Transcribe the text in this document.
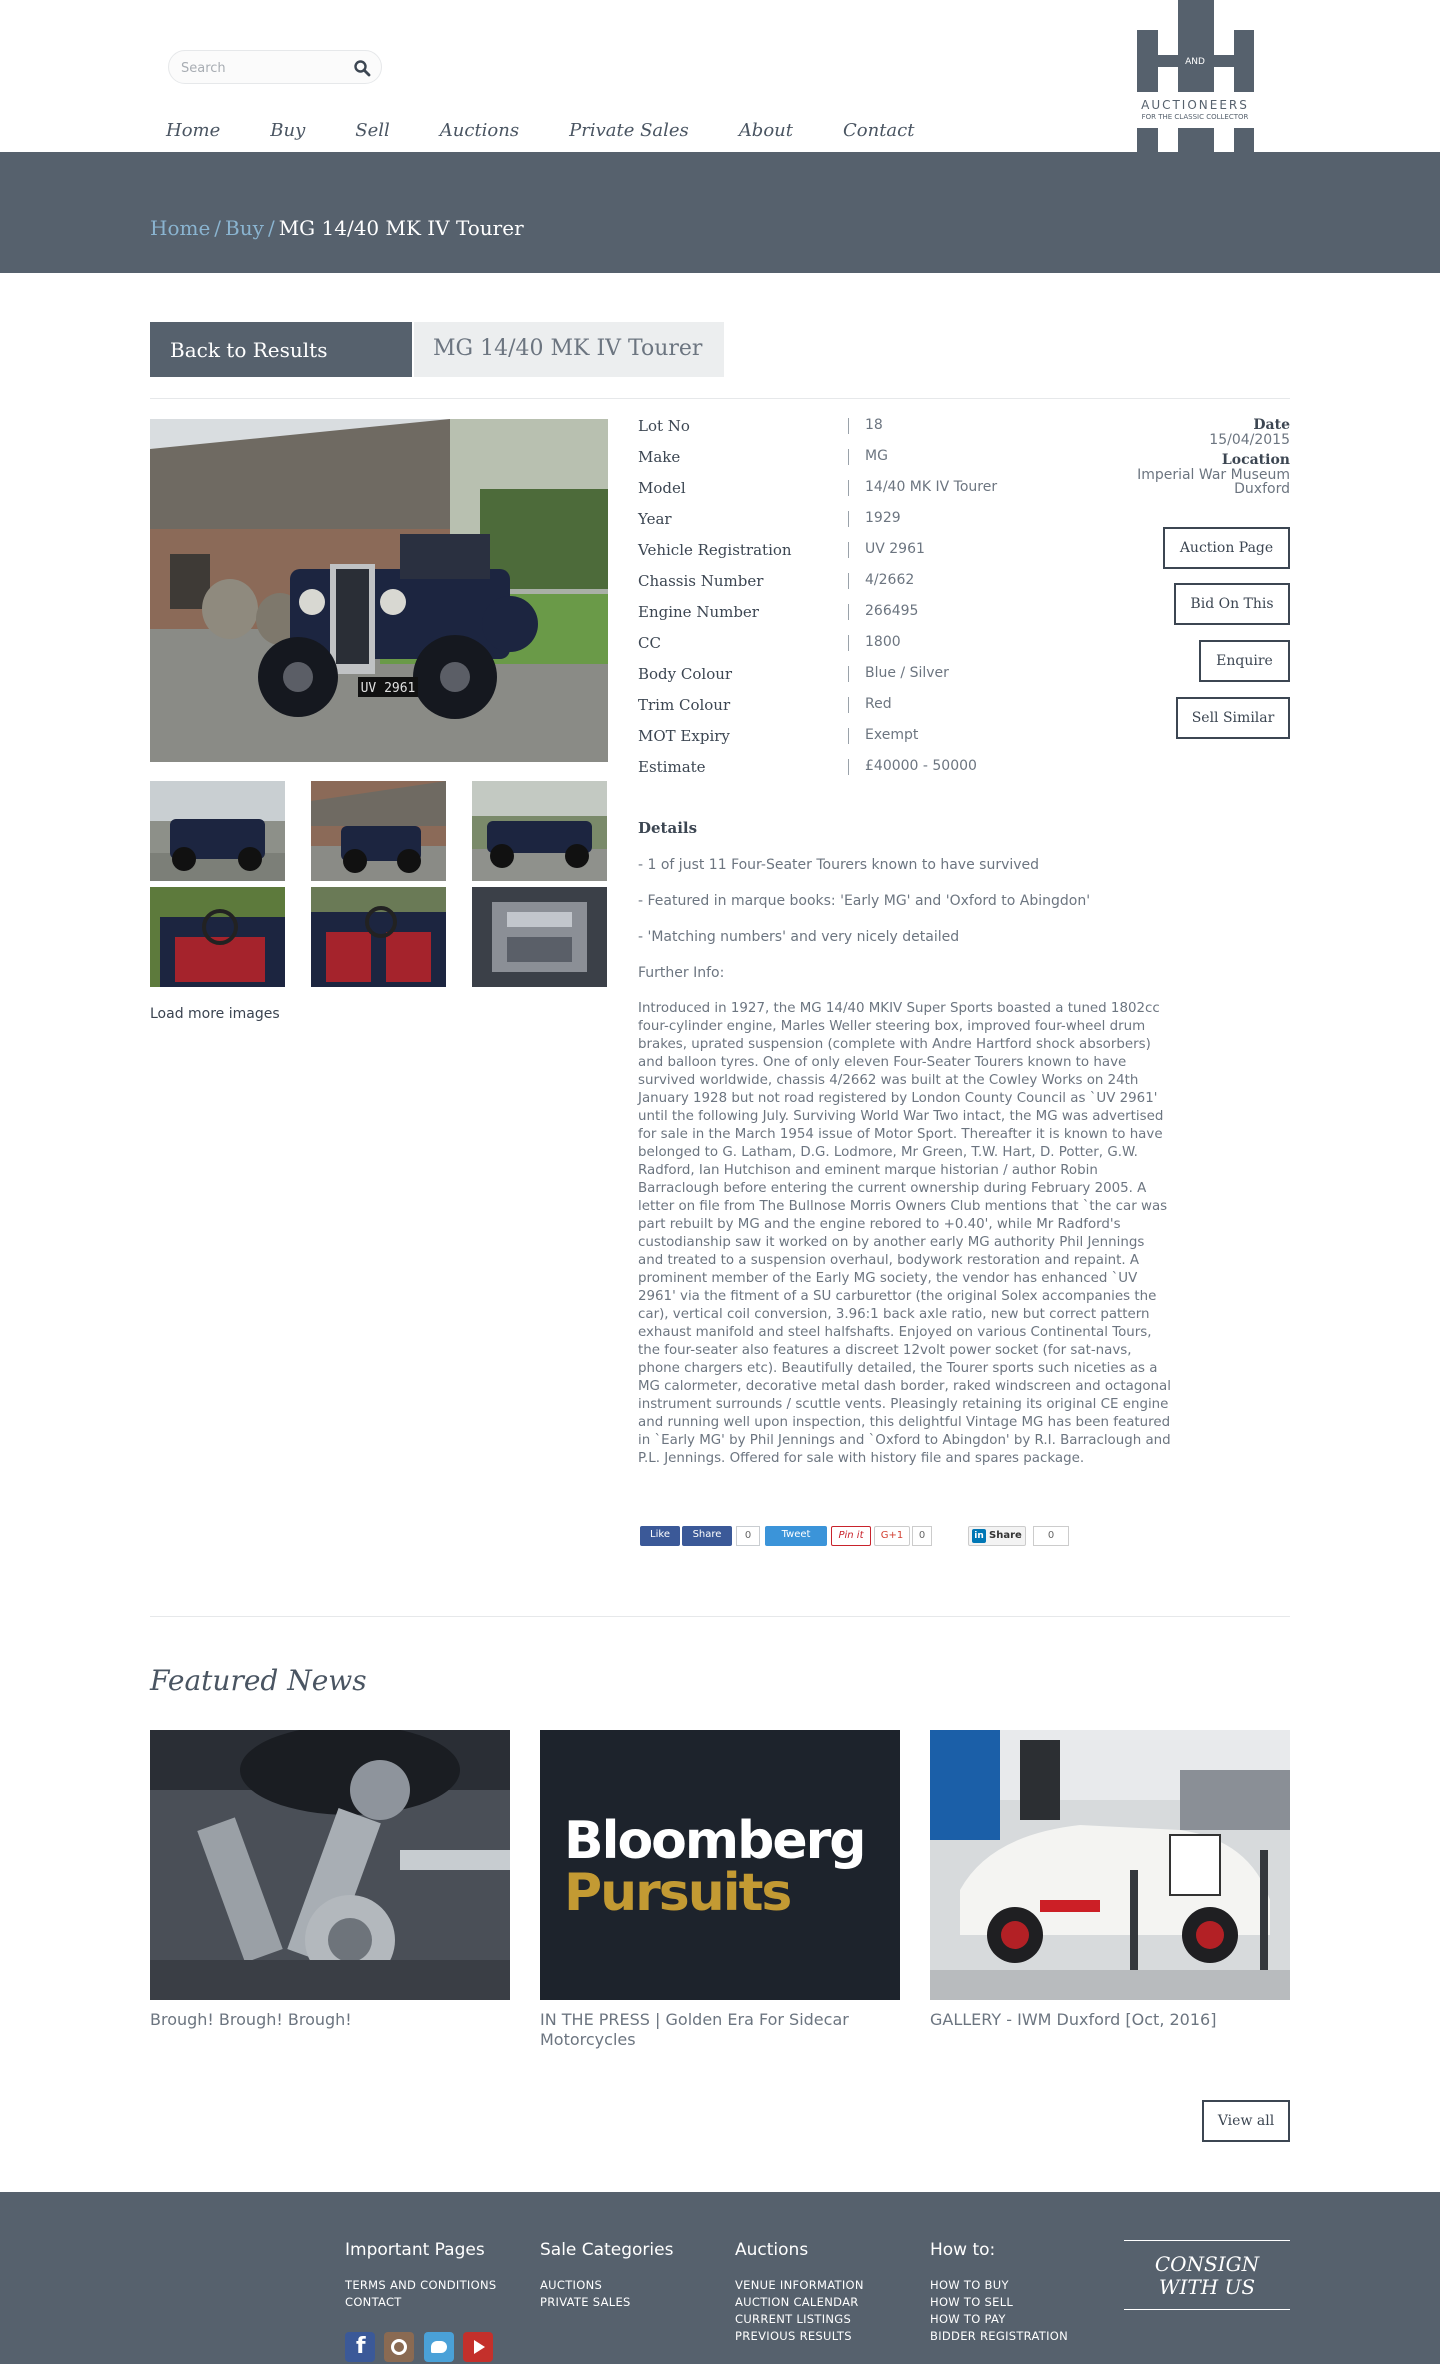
Search
Home	Buy	Sell	Auctions	Private Sales	About	Contact
AND
AUCTIONEERS
FOR THE CLASSIC COLLECTOR
Home / Buy / MG 14/40 MK IV Tourer
Back to Results	MG 14/40 MK IV Tourer
UV 2961
Load more images
Lot No	18
Make	MG
Model	14/40 MK IV Tourer
Year	1929
Vehicle Registration	UV 2961
Chassis Number	4/2662
Engine Number	266495
CC	1800
Body Colour	Blue / Silver
Trim Colour	Red
MOT Expiry	Exempt
Estimate	£40000 - 50000
Date
15/04/2015
Location
Imperial War Museum
Duxford
Auction Page
Bid On This
Enquire
Sell Similar
Details
- 1 of just 11 Four-Seater Tourers known to have survived
- Featured in marque books: 'Early MG' and 'Oxford to Abingdon'
- 'Matching numbers' and very nicely detailed
Further Info:
Introduced in 1927, the MG 14/40 MKIV Super Sports boasted a tuned 1802cc four-cylinder engine, Marles Weller steering box, improved four-wheel drum brakes, uprated suspension (complete with Andre Hartford shock absorbers) and balloon tyres. One of only eleven Four-Seater Tourers known to have survived worldwide, chassis 4/2662 was built at the Cowley Works on 24th January 1928 but not road registered by London County Council as `UV 2961' until the following July. Surviving World War Two intact, the MG was advertised for sale in the March 1954 issue of Motor Sport. Thereafter it is known to have belonged to G. Latham, D.G. Lodmore, Mr Green, T.W. Hart, D. Potter, G.W. Radford, Ian Hutchison and eminent marque historian / author Robin Barraclough before entering the current ownership during February 2005. A letter on file from The Bullnose Morris Owners Club mentions that `the car was part rebuilt by MG and the engine rebored to +0.40', while Mr Radford's custodianship saw it worked on by another early MG authority Phil Jennings and treated to a suspension overhaul, bodywork restoration and repaint. A prominent member of the Early MG society, the vendor has enhanced `UV 2961' via the fitment of a SU carburettor (the original Solex accompanies the car), vertical coil conversion, 3.96:1 back axle ratio, new but correct pattern exhaust manifold and steel halfshafts. Enjoyed on various Continental Tours, the four-seater also features a discreet 12volt power socket (for sat-navs, phone chargers etc). Beautifully detailed, the Tourer sports such niceties as a MG calormeter, decorative metal dash border, raked windscreen and octagonal instrument surrounds / scuttle vents. Pleasingly retaining its original CE engine and running well upon inspection, this delightful Vintage MG has been featured in `Early MG' by Phil Jennings and `Oxford to Abingdon' by R.I. Barraclough and P.L. Jennings. Offered for sale with history file and spares package.
Like	Share	0	Tweet	Pin it	G+1	0	in Share	0
Featured News
Bloomberg
Pursuits
Brough! Brough! Brough!	IN THE PRESS | Golden Era For Sidecar Motorcycles
GALLERY - IWM Duxford [Oct, 2016]
View all
Important Pages
TERMS AND CONDITIONS
CONTACT
Sale Categories
AUCTIONS
PRIVATE SALES
Auctions
VENUE INFORMATION
AUCTION CALENDAR
CURRENT LISTINGS
PREVIOUS RESULTS
How to:
HOW TO BUY
HOW TO SELL
HOW TO PAY
BIDDER REGISTRATION
CONSIGN
WITH US
f
